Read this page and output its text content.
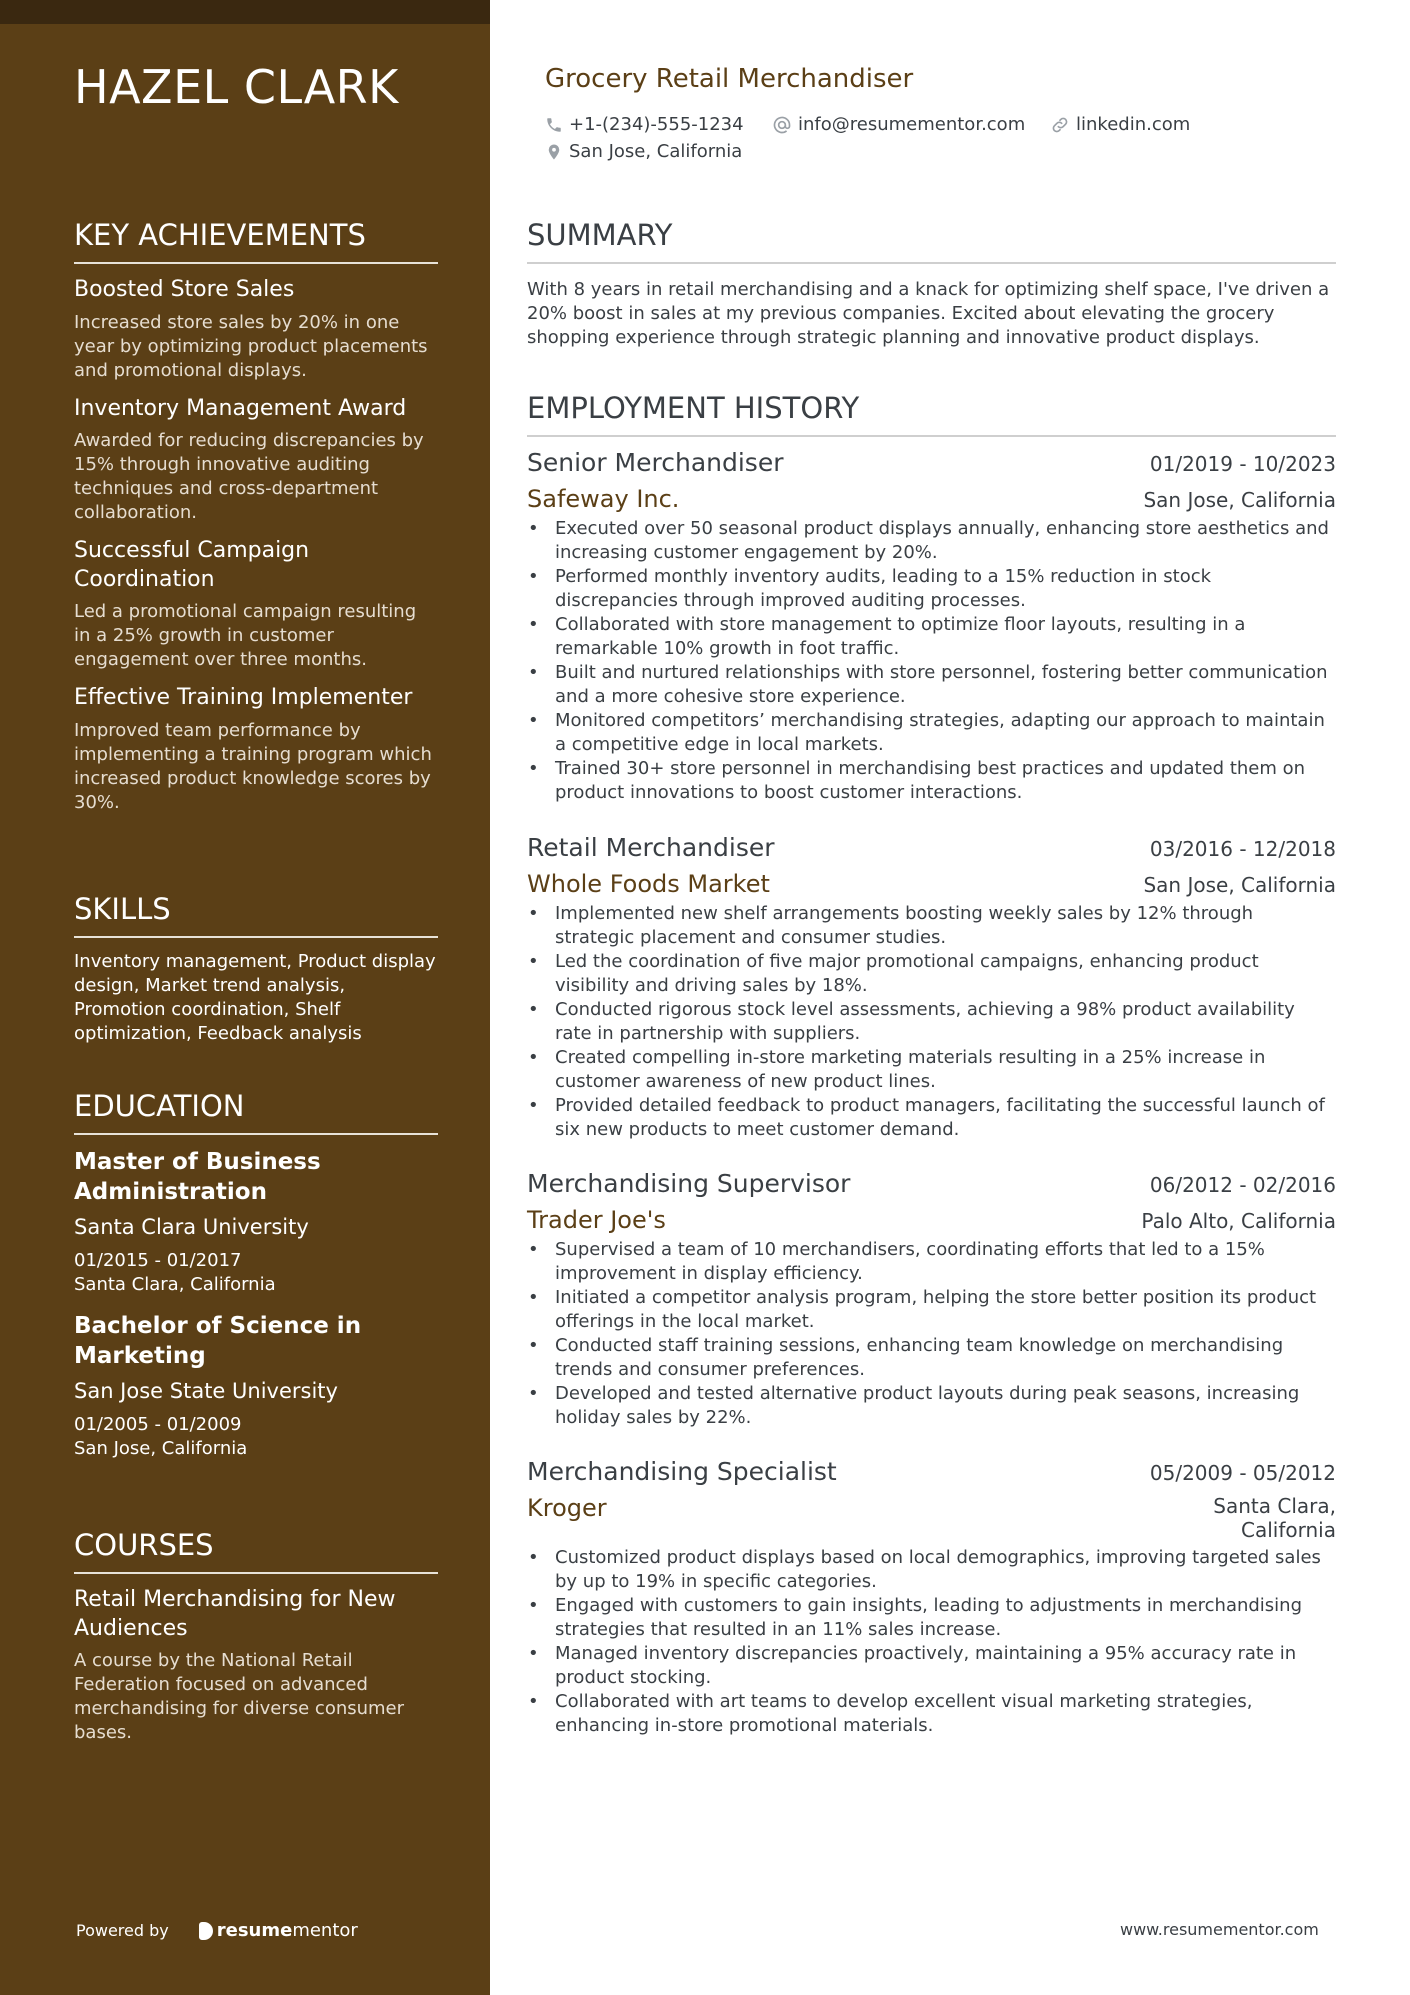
HAZEL CLARK
KEY ACHIEVEMENTS
Boosted Store Sales
Increased store sales by 20% in one year by optimizing product placements and promotional displays.
Inventory Management Award
Awarded for reducing discrepancies by 15% through innovative auditing techniques and cross-department collaboration.
Successful Campaign Coordination
Led a promotional campaign resulting in a 25% growth in customer engagement over three months.
Effective Training Implementer
Improved team performance by implementing a training program which increased product knowledge scores by 30%.
SKILLS
Inventory management, Product display design, Market trend analysis, Promotion coordination, Shelf optimization, Feedback analysis
EDUCATION
Master of Business Administration
Santa Clara University
01/2015 - 01/2017
Santa Clara, California
Bachelor of Science in Marketing
San Jose State University
01/2005 - 01/2009
San Jose, California
COURSES
Retail Merchandising for New Audiences
A course by the National Retail Federation focused on advanced merchandising for diverse consumer bases.
Powered by	resume mentor
Grocery Retail Merchandiser
+1-(234)-555-1234	info@resumementor.com	linkedin.com
San Jose, California
SUMMARY
With 8 years in retail merchandising and a knack for optimizing shelf space, I've driven a 20% boost in sales at my previous companies. Excited about elevating the grocery shopping experience through strategic planning and innovative product displays.
EMPLOYMENT HISTORY
Senior Merchandiser	01/2019 - 10/2023
Safeway Inc.	San Jose, California
• Executed over 50 seasonal product displays annually, enhancing store aesthetics and increasing customer engagement by 20%.
• Performed monthly inventory audits, leading to a 15% reduction in stock discrepancies through improved auditing processes.
• Collaborated with store management to optimize floor layouts, resulting in a remarkable 10% growth in foot traffic.
• Built and nurtured relationships with store personnel, fostering better communication and a more cohesive store experience.
• Monitored competitors’ merchandising strategies, adapting our approach to maintain a competitive edge in local markets.
• Trained 30+ store personnel in merchandising best practices and updated them on product innovations to boost customer interactions.
Retail Merchandiser	03/2016 - 12/2018
Whole Foods Market	San Jose, California
• Implemented new shelf arrangements boosting weekly sales by 12% through strategic placement and consumer studies.
• Led the coordination of five major promotional campaigns, enhancing product visibility and driving sales by 18%.
• Conducted rigorous stock level assessments, achieving a 98% product availability rate in partnership with suppliers.
• Created compelling in-store marketing materials resulting in a 25% increase in customer awareness of new product lines.
• Provided detailed feedback to product managers, facilitating the successful launch of six new products to meet customer demand.
Merchandising Supervisor	06/2012 - 02/2016
Trader Joe's	Palo Alto, California
• Supervised a team of 10 merchandisers, coordinating efforts that led to a 15% improvement in display efficiency.
• Initiated a competitor analysis program, helping the store better position its product offerings in the local market.
• Conducted staff training sessions, enhancing team knowledge on merchandising trends and consumer preferences.
• Developed and tested alternative product layouts during peak seasons, increasing holiday sales by 22%.
Merchandising Specialist	05/2009 - 05/2012
Kroger	Santa Clara,
California
• Customized product displays based on local demographics, improving targeted sales by up to 19% in specific categories.
• Engaged with customers to gain insights, leading to adjustments in merchandising strategies that resulted in an 11% sales increase.
• Managed inventory discrepancies proactively, maintaining a 95% accuracy rate in product stocking.
• Collaborated with art teams to develop excellent visual marketing strategies, enhancing in-store promotional materials.
www.resumementor.com
